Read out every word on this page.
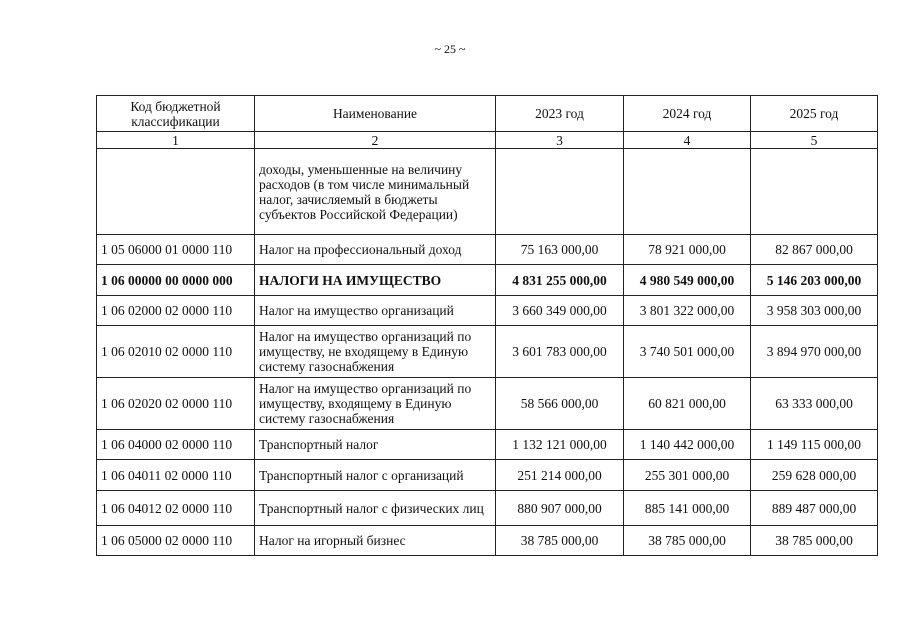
~ 25 ~
Код бюджетной классификации	Наименование	2023 год	2024 год	2025 год
1	2	3	4	5
	доходы, уменьшенные на величину расходов (в том числе минимальный налог, зачисляемый в бюджеты субъектов Российской Федерации)			
1 05 06000 01 0000 110	Налог на профессиональный доход	75 163 000,00	78 921 000,00	82 867 000,00
1 06 00000 00 0000 000	НАЛОГИ НА ИМУЩЕСТВО	4 831 255 000,00	4 980 549 000,00	5 146 203 000,00
1 06 02000 02 0000 110	Налог на имущество организаций	3 660 349 000,00	3 801 322 000,00	3 958 303 000,00
1 06 02010 02 0000 110	Налог на имущество организаций по имуществу, не входящему в Единую систему газоснабжения	3 601 783 000,00	3 740 501 000,00	3 894 970 000,00
1 06 02020 02 0000 110	Налог на имущество организаций по имуществу, входящему в Единую систему газоснабжения	58 566 000,00	60 821 000,00	63 333 000,00
1 06 04000 02 0000 110	Транспортный налог	1 132 121 000,00	1 140 442 000,00	1 149 115 000,00
1 06 04011 02 0000 110	Транспортный налог с организаций	251 214 000,00	255 301 000,00	259 628 000,00
1 06 04012 02 0000 110	Транспортный налог с физических лиц	880 907 000,00	885 141 000,00	889 487 000,00
1 06 05000 02 0000 110	Налог на игорный бизнес	38 785 000,00	38 785 000,00	38 785 000,00
